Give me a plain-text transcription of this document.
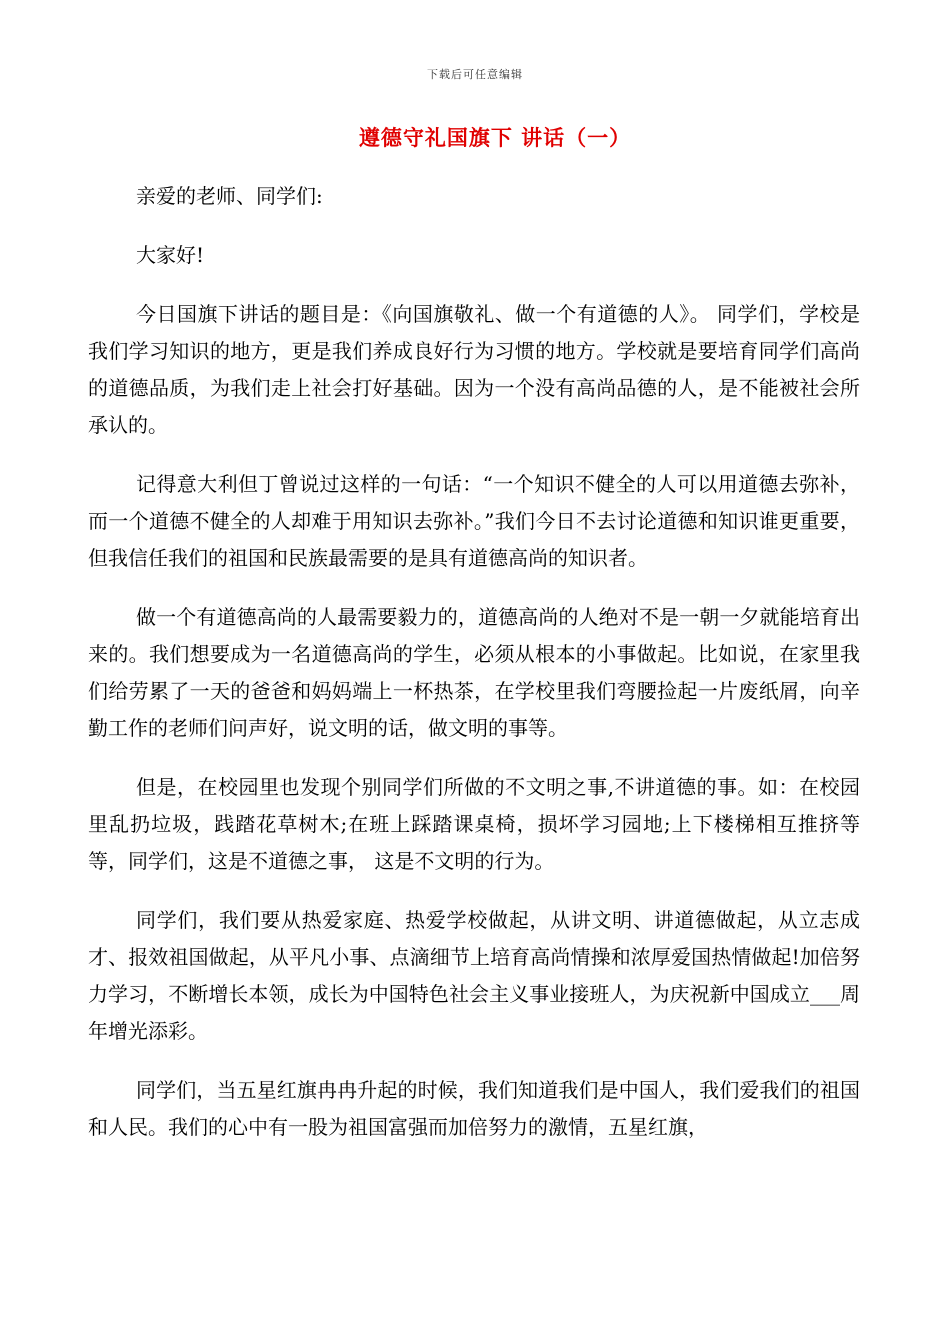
下载后可任意编辑
遵德守礼国旗下 讲话（一）

亲爱的老师、同学们:

大家好!

今日国旗下讲话的题目是：《向国旗敬礼、做一个有道德的人》。 同学们，学校是我们学习知识的地方，更是我们养成良好行为习惯的地方。学校就是要培育同学们高尚的道德品质，为我们走上社会打好基础。因为一个没有高尚品德的人，是不能被社会所承认的。

记得意大利但丁曾说过这样的一句话：“一个知识不健全的人可以用道德去弥补，而一个道德不健全的人却难于用知识去弥补。”我们今日不去讨论道德和知识谁更重要，但我信任我们的祖国和民族最需要的是具有道德高尚的知识者。

做一个有道德高尚的人最需要毅力的，道德高尚的人绝对不是一朝一夕就能培育出来的。我们想要成为一名道德高尚的学生，必须从根本的小事做起。比如说，在家里我们给劳累了一天的爸爸和妈妈端上一杯热茶，在学校里我们弯腰捡起一片废纸屑，向辛勤工作的老师们问声好，说文明的话，做文明的事等。

但是，在校园里也发现个别同学们所做的不文明之事,不讲道德的事。如：在校园里乱扔垃圾，践踏花草树木;在班上踩踏课桌椅，损坏学习园地;上下楼梯相互推挤等等，同学们，这是不道德之事， 这是不文明的行为。

同学们，我们要从热爱家庭、热爱学校做起，从讲文明、讲道德做起，从立志成才、报效祖国做起，从平凡小事、点滴细节上培育高尚情操和浓厚爱国热情做起!加倍努力学习，不断增长本领，成长为中国特色社会主义事业接班人，为庆祝新中国成立___周年增光添彩。

同学们，当五星红旗冉冉升起的时候，我们知道我们是中国人，我们爱我们的祖国和人民。我们的心中有一股为祖国富强而加倍努力的激情，五星红旗，
